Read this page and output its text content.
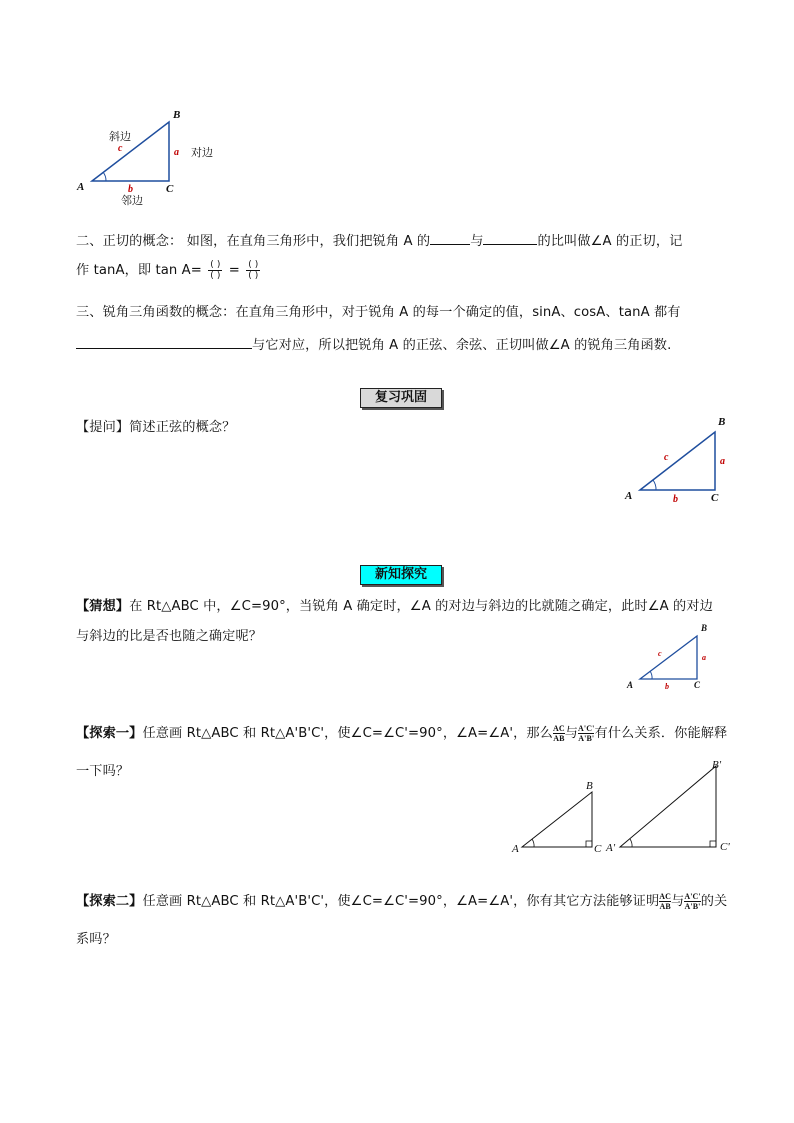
A
B
C
a
b
c
斜边
对边
邻边
二、正切的概念： 如图，在直角三角形中，我们把锐角 A 的	与	的比叫做∠A 的正切，记
作 tanA，即 $\tan A= \frac{( )}{( )} = \frac{( )}{( )}$
三、锐角三角函数的概念：在直角三角形中，对于锐角 A 的每一个确定的值，sinA、cosA、tanA 都有
与它对应，所以把锐角 A 的正弦、余弦、正切叫做∠A 的锐角三角函数.
复习巩固
【提问】简述正弦的概念？
A
B
C
a
b
c
新知探究
【猜想】在 Rt△ABC 中，∠C=90°，当锐角 A 确定时，∠A 的对边与斜边的比就随之确定，此时∠A 的对边
与斜边的比是否也随之确定呢？
A
B
C
a
b
c
【探索一】任意画 Rt△ABC 和 Rt△A'B'C'，使∠C=∠C'=90°，∠A=∠A'，那么 $\frac{AC}{AB}$ 与 $\frac{A'C'}{A'B'}$ 有什么关系．你能解释
一下吗？
A
B
C A'
B'
C'
【探索二】任意画 Rt△ABC 和 Rt△A'B'C'，使∠C=∠C'=90°，∠A=∠A'，你有其它方法能够证明 $\frac{AC}{AB}$ 与 $\frac{A'C'}{A'B'}$ 的关
系吗？
